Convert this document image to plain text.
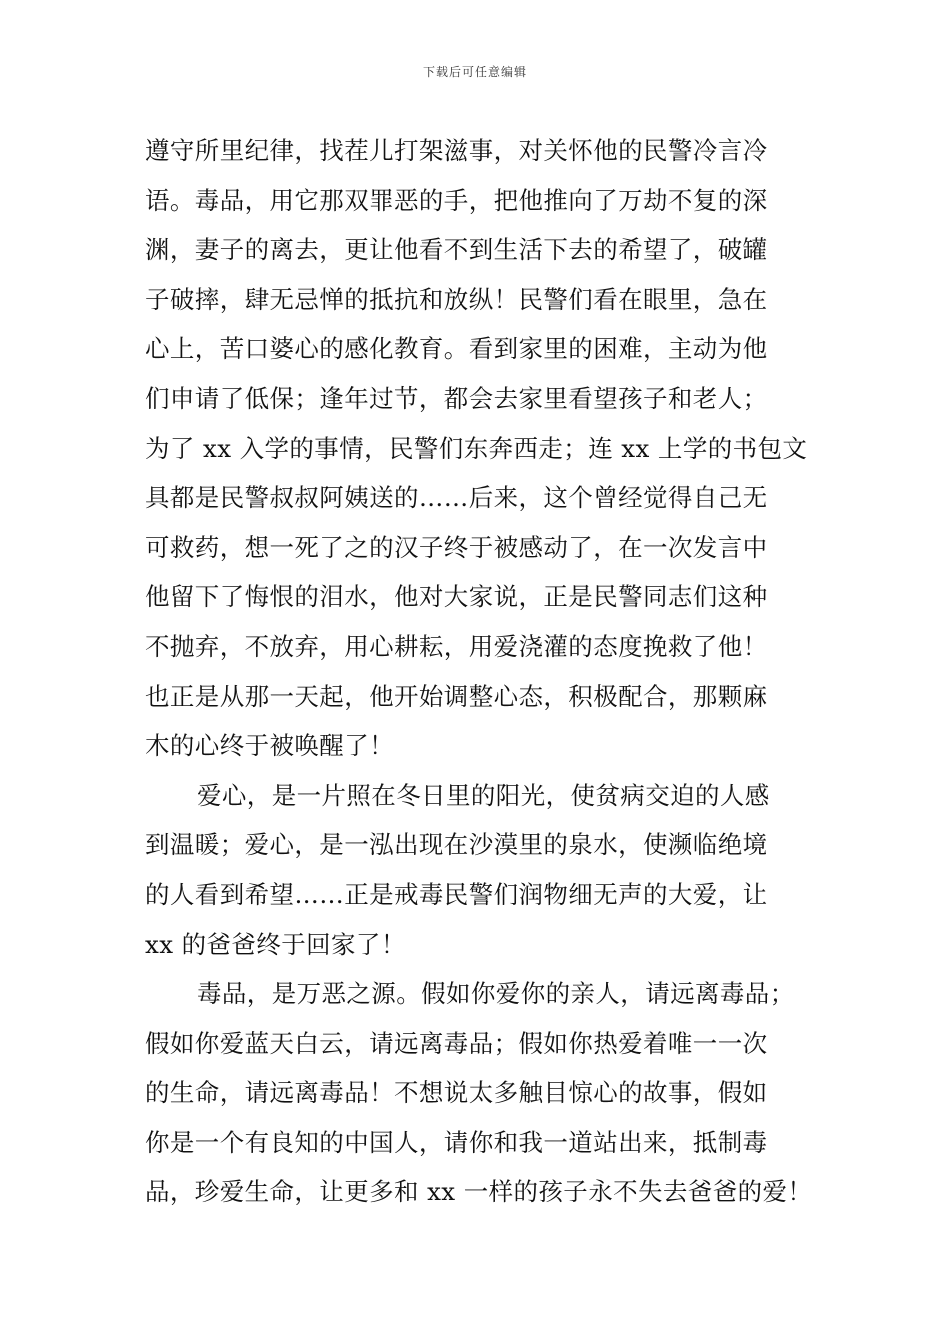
下载后可任意编辑
遵守所里纪律，找茬儿打架滋事，对关怀他的民警冷言冷
语。毒品，用它那双罪恶的手，把他推向了万劫不复的深
渊，妻子的离去，更让他看不到生活下去的希望了，破罐
子破摔，肆无忌惮的抵抗和放纵！民警们看在眼里，急在
心上，苦口婆心的感化教育。看到家里的困难，主动为他
们申请了低保；逢年过节，都会去家里看望孩子和老人；
为了 xx 入学的事情，民警们东奔西走；连 xx 上学的书包文
具都是民警叔叔阿姨送的……后来，这个曾经觉得自己无
可救药，想一死了之的汉子终于被感动了，在一次发言中
他留下了悔恨的泪水，他对大家说，正是民警同志们这种
不抛弃，不放弃，用心耕耘，用爱浇灌的态度挽救了他！
也正是从那一天起，他开始调整心态，积极配合，那颗麻
木的心终于被唤醒了！
爱心，是一片照在冬日里的阳光，使贫病交迫的人感
到温暖；爱心，是一泓出现在沙漠里的泉水，使濒临绝境
的人看到希望……正是戒毒民警们润物细无声的大爱，让
xx 的爸爸终于回家了！
毒品，是万恶之源。假如你爱你的亲人，请远离毒品；
假如你爱蓝天白云，请远离毒品；假如你热爱着唯一一次
的生命，请远离毒品！不想说太多触目惊心的故事，假如
你是一个有良知的中国人，请你和我一道站出来，抵制毒
品，珍爱生命，让更多和 xx 一样的孩子永不失去爸爸的爱！
